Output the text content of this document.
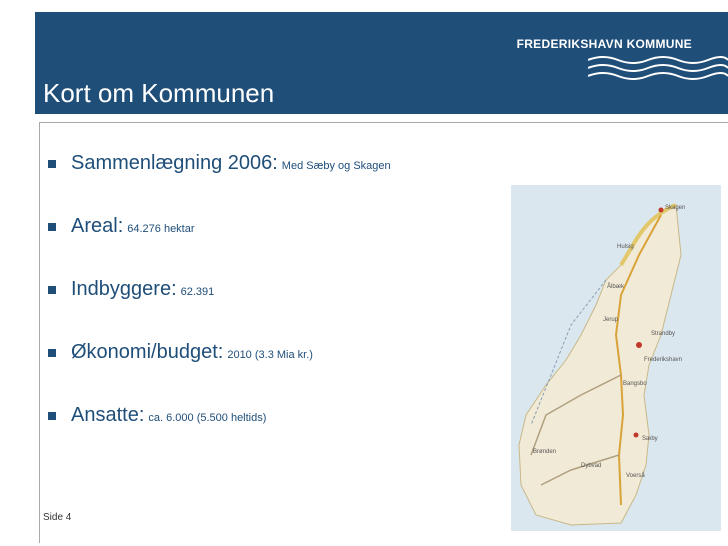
Kort om Kommunen
FREDERIKSHAVN KOMMUNE
Sammenlægning 2006: Med Sæby og Skagen
Areal: 64.276 hektar
Indbyggere: 62.391
Økonomi/budget: 2010 (3.3 Mia kr.)
Ansatte: ca. 6.000 (5.500 heltids)
Side 4
Skagen
Hulsig
Ålbæk
Jerup
Strandby
Frederikshavn
Sæby
Bangsbo
Voerså
Dybvad
Brønden
